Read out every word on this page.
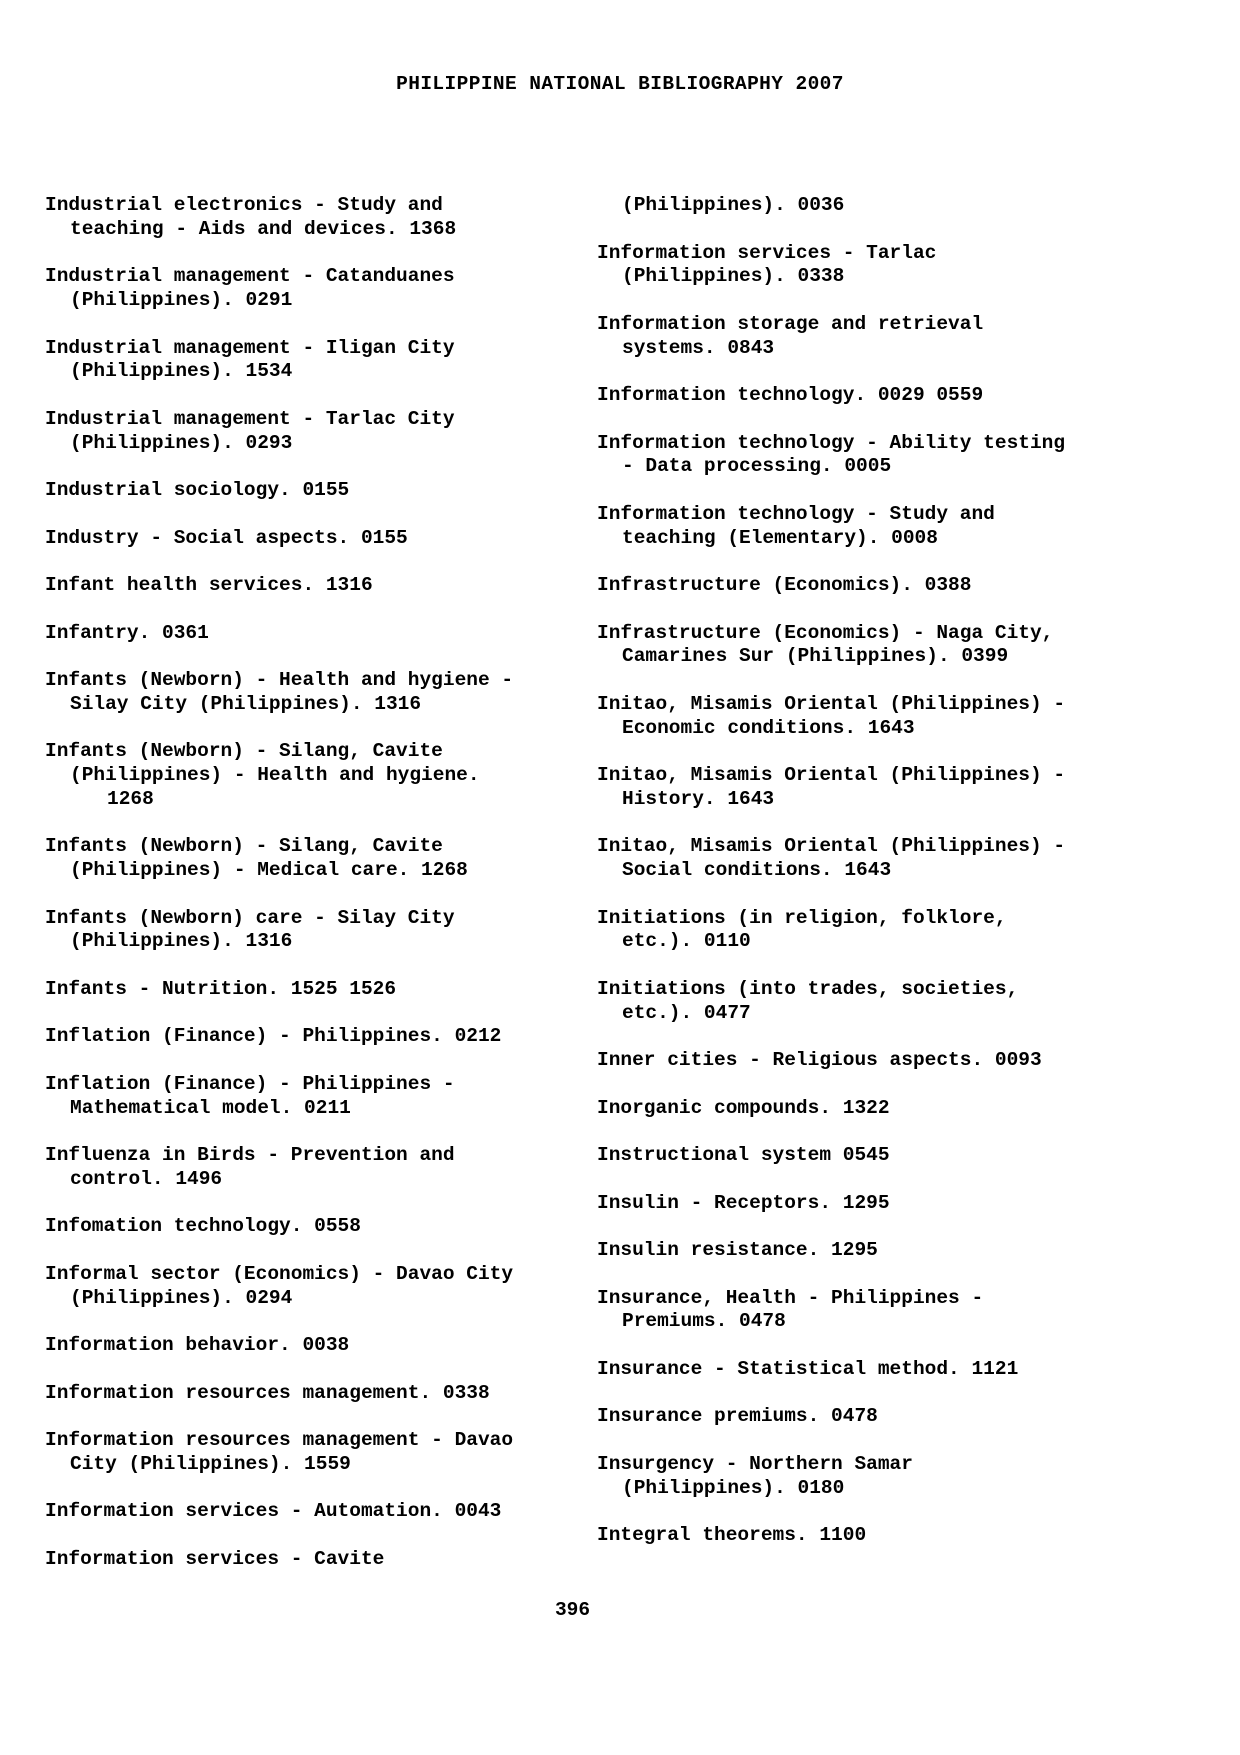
PHILIPPINE NATIONAL BIBLIOGRAPHY 2007
Industrial electronics - Study and
teaching - Aids and devices. 1368
Industrial management - Catanduanes
(Philippines). 0291
Industrial management - Iligan City
(Philippines). 1534
Industrial management - Tarlac City
(Philippines). 0293
Industrial sociology. 0155
Industry - Social aspects. 0155
Infant health services. 1316
Infantry. 0361
Infants (Newborn) - Health and hygiene -
Silay City (Philippines). 1316
Infants (Newborn) - Silang, Cavite
(Philippines) - Health and hygiene.
1268
Infants (Newborn) - Silang, Cavite
(Philippines) - Medical care. 1268
Infants (Newborn) care - Silay City
(Philippines). 1316
Infants - Nutrition. 1525 1526
Inflation (Finance) - Philippines. 0212
Inflation (Finance) - Philippines -
Mathematical model. 0211
Influenza in Birds - Prevention and
control. 1496
Infomation technology. 0558
Informal sector (Economics) - Davao City
(Philippines). 0294
Information behavior. 0038
Information resources management. 0338
Information resources management - Davao
City (Philippines). 1559
Information services - Automation. 0043
Information services - Cavite
(Philippines). 0036
Information services - Tarlac
(Philippines). 0338
Information storage and retrieval
systems. 0843
Information technology. 0029 0559
Information technology - Ability testing
- Data processing. 0005
Information technology - Study and
teaching (Elementary). 0008
Infrastructure (Economics). 0388
Infrastructure (Economics) - Naga City,
Camarines Sur (Philippines). 0399
Initao, Misamis Oriental (Philippines) -
Economic conditions. 1643
Initao, Misamis Oriental (Philippines) -
History. 1643
Initao, Misamis Oriental (Philippines) -
Social conditions. 1643
Initiations (in religion, folklore,
etc.). 0110
Initiations (into trades, societies,
etc.). 0477
Inner cities - Religious aspects. 0093
Inorganic compounds. 1322
Instructional system 0545
Insulin - Receptors. 1295
Insulin resistance. 1295
Insurance, Health - Philippines -
Premiums. 0478
Insurance - Statistical method. 1121
Insurance premiums. 0478
Insurgency - Northern Samar
(Philippines). 0180
Integral theorems. 1100
396
